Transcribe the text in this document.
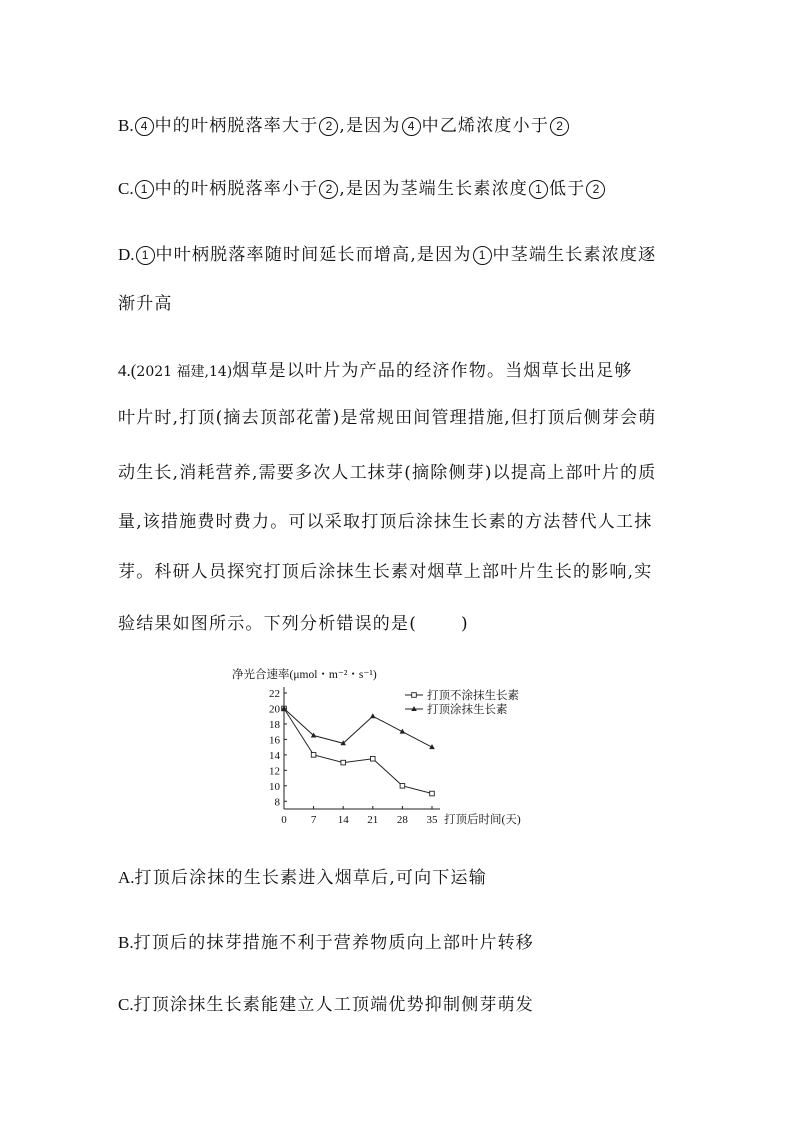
B. 4 中的叶柄脱落率大于 2 ,是因为 4 中乙烯浓度小于 2
C. 1 中的叶柄脱落率小于 2 ,是因为茎端生长素浓度 1 低于 2
D. 1 中叶柄脱落率随时间延长而增高,是因为 1 中茎端生长素浓度逐
渐升高
4.(2021 福建,14)烟草是以叶片为产品的经济作物。当烟草长出足够
叶片时,打顶(摘去顶部花蕾)是常规田间管理措施,但打顶后侧芽会萌
动生长,消耗营养,需要多次人工抹芽(摘除侧芽)以提高上部叶片的质
量,该措施费时费力。可以采取打顶后涂抹生长素的方法替代人工抹
芽。科研人员探究打顶后涂抹生长素对烟草上部叶片生长的影响,实
验结果如图所示。下列分析错误的是(	)
8
10
12
14
16
18
20
22
0 7 14 21 28 35
净光合速率(μmol・m⁻²・s⁻¹)
打顶后时间(天)
打顶不涂抹生长素
打顶涂抹生长素
A.打顶后涂抹的生长素进入烟草后,可向下运输
B.打顶后的抹芽措施不利于营养物质向上部叶片转移
C.打顶涂抹生长素能建立人工顶端优势抑制侧芽萌发
